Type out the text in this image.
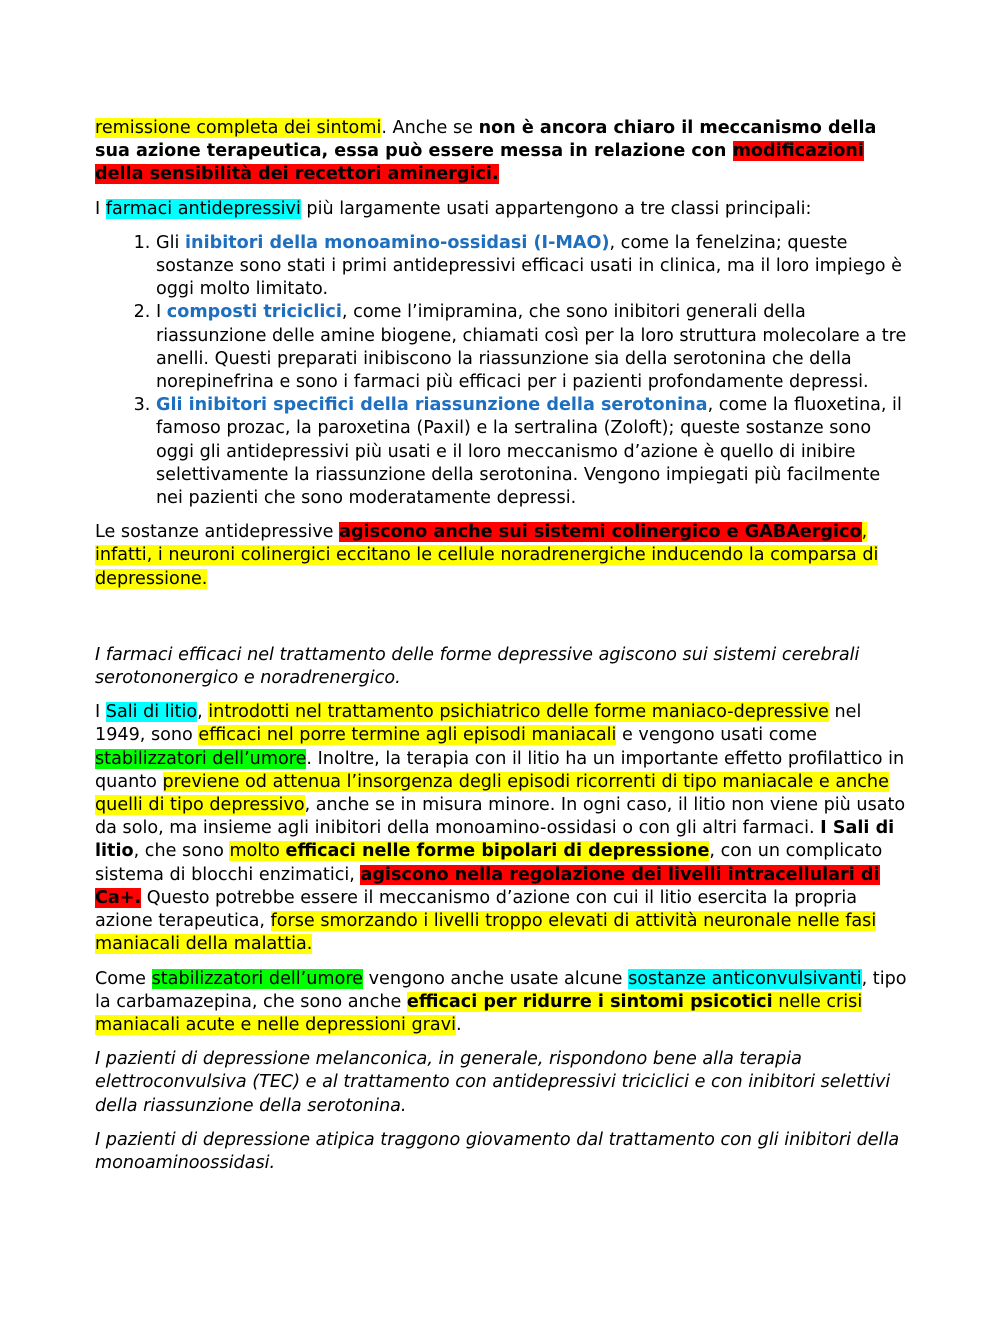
remissione completa dei sintomi. Anche se non è ancora chiaro il meccanismo della sua azione terapeutica, essa può essere messa in relazione con modificazioni della sensibilità dei recettori aminergici.

I farmaci antidepressivi più largamente usati appartengono a tre classi principali:

1. Gli inibitori della monoamino-ossidasi (I-MAO), come la fenelzina; queste sostanze sono stati i primi antidepressivi efficaci usati in clinica, ma il loro impiego è oggi molto limitato.
2. I composti triciclici, come l’imipramina, che sono inibitori generali della riassunzione delle amine biogene, chiamati così per la loro struttura molecolare a tre anelli. Questi preparati inibiscono la riassunzione sia della serotonina che della norepinefrina e sono i farmaci più efficaci per i pazienti profondamente depressi.
3. Gli inibitori specifici della riassunzione della serotonina, come la fluoxetina, il famoso prozac, la paroxetina (Paxil) e la sertralina (Zoloft); queste sostanze sono oggi gli antidepressivi più usati e il loro meccanismo d’azione è quello di inibire selettivamente la riassunzione della serotonina. Vengono impiegati più facilmente nei pazienti che sono moderatamente depressi.

Le sostanze antidepressive agiscono anche sui sistemi colinergico e GABAergico, infatti, i neuroni colinergici eccitano le cellule noradrenergiche inducendo la comparsa di depressione.

I farmaci efficaci nel trattamento delle forme depressive agiscono sui sistemi cerebrali serotononergico e noradrenergico.

I Sali di litio, introdotti nel trattamento psichiatrico delle forme maniaco-depressive nel 1949, sono efficaci nel porre termine agli episodi maniacali e vengono usati come stabilizzatori dell’umore. Inoltre, la terapia con il litio ha un importante effetto profilattico in quanto previene od attenua l’insorgenza degli episodi ricorrenti di tipo maniacale e anche quelli di tipo depressivo, anche se in misura minore. In ogni caso, il litio non viene più usato da solo, ma insieme agli inibitori della monoamino-ossidasi o con gli altri farmaci. I Sali di litio, che sono molto efficaci nelle forme bipolari di depressione, con un complicato sistema di blocchi enzimatici, agiscono nella regolazione dei livelli intracellulari di Ca+. Questo potrebbe essere il meccanismo d’azione con cui il litio esercita la propria azione terapeutica, forse smorzando i livelli troppo elevati di attività neuronale nelle fasi maniacali della malattia.

Come stabilizzatori dell’umore vengono anche usate alcune sostanze anticonvulsivanti, tipo la carbamazepina, che sono anche efficaci per ridurre i sintomi psicotici nelle crisi maniacali acute e nelle depressioni gravi.

I pazienti di depressione melanconica, in generale, rispondono bene alla terapia elettroconvulsiva (TEC) e al trattamento con antidepressivi triciclici e con inibitori selettivi della riassunzione della serotonina.

I pazienti di depressione atipica traggono giovamento dal trattamento con gli inibitori della monoaminoossidasi.
